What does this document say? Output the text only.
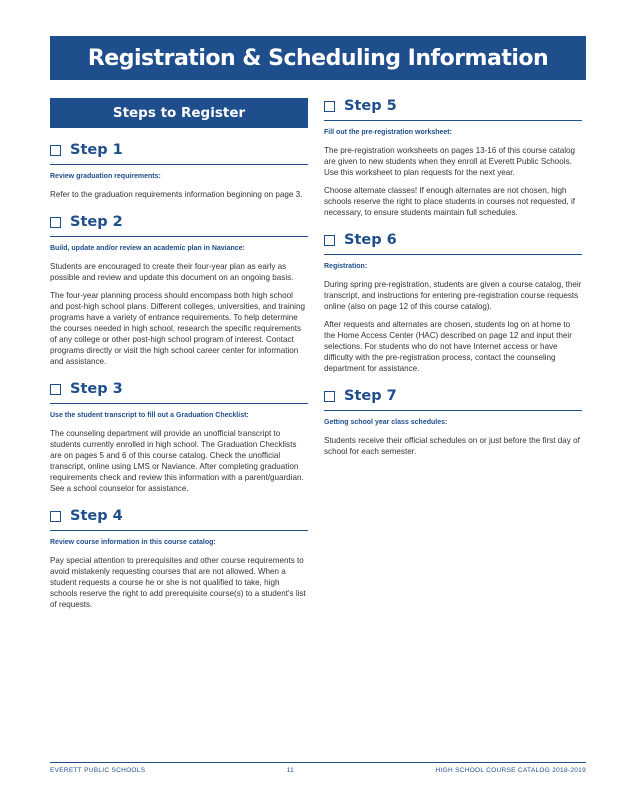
Registration & Scheduling Information
Steps to Register
Step 1

Review graduation requirements:

Refer to the graduation requirements information beginning on page 3.

Step 2

Build, update and/or review an academic plan in Naviance:

Students are encouraged to create their four-year plan as early as possible and review and update this document on an ongoing basis.

The four-year planning process should encompass both high school and post-high school plans. Different colleges, universities, and training programs have a variety of entrance requirements. To help determine the courses needed in high school, research the specific requirements of any college or other post-high school program of interest. Contact programs directly or visit the high school career center for information and assistance.

Step 3

Use the student transcript to fill out a Graduation Checklist:

The counseling department will provide an unofficial transcript to students currently enrolled in high school. The Graduation Checklists are on pages 5 and 6 of this course catalog. Check the unofficial transcript, online using LMS or Naviance. After completing graduation requirements check and review this information with a parent/guardian. See a school counselor for assistance.

Step 4

Review course information in this course catalog:

Pay special attention to prerequisites and other course requirements to avoid mistakenly requesting courses that are not allowed. When a student requests a course he or she is not qualified to take, high schools reserve the right to add prerequisite course(s) to a student's list of requests.

Step 5

Fill out the pre-registration worksheet:

The pre-registration worksheets on pages 13-16 of this course catalog are given to new students when they enroll at Everett Public Schools. Use this worksheet to plan requests for the next year.

Choose alternate classes! If enough alternates are not chosen, high schools reserve the right to place students in courses not requested, if necessary, to ensure students maintain full schedules.

Step 6

Registration:

During spring pre-registration, students are given a course catalog, their transcript, and instructions for entering pre-registration course requests online (also on page 12 of this course catalog).

After requests and alternates are chosen, students log on at home to the Home Access Center (HAC) described on page 12 and input their selections. For students who do not have Internet access or have difficulty with the pre-registration process, contact the counseling department for assistance.

Step 7

Getting school year class schedules:

Students receive their official schedules on or just before the first day of school for each semester.

EVERETT PUBLIC SCHOOLS	11	HIGH SCHOOL COURSE CATALOG 2018-2019
